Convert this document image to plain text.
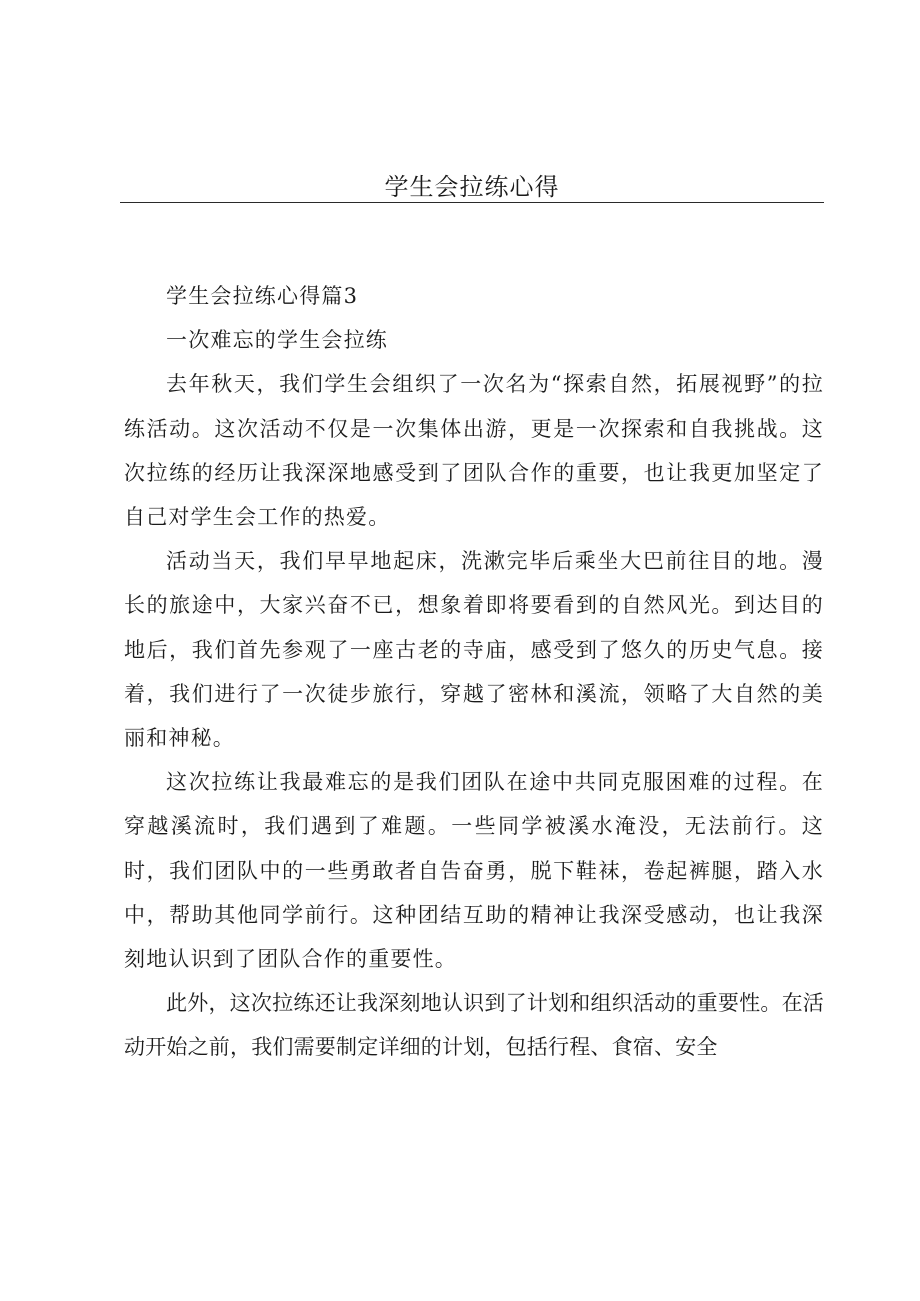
学生会拉练心得

学生会拉练心得篇3

一次难忘的学生会拉练

去年秋天，我们学生会组织了一次名为“探索自然，拓展视野”的拉练活动。这次活动不仅是一次集体出游，更是一次探索和自我挑战。这次拉练的经历让我深深地感受到了团队合作的重要，也让我更加坚定了自己对学生会工作的热爱。

活动当天，我们早早地起床，洗漱完毕后乘坐大巴前往目的地。漫长的旅途中，大家兴奋不已，想象着即将要看到的自然风光。到达目的地后，我们首先参观了一座古老的寺庙，感受到了悠久的历史气息。接着，我们进行了一次徒步旅行，穿越了密林和溪流，领略了大自然的美丽和神秘。

这次拉练让我最难忘的是我们团队在途中共同克服困难的过程。在穿越溪流时，我们遇到了难题。一些同学被溪水淹没，无法前行。这时，我们团队中的一些勇敢者自告奋勇，脱下鞋袜，卷起裤腿，踏入水中，帮助其他同学前行。这种团结互助的精神让我深受感动，也让我深刻地认识到了团队合作的重要性。

此外，这次拉练还让我深刻地认识到了计划和组织活动的重要性。在活动开始之前，我们需要制定详细的计划，包括行程、食宿、安全
